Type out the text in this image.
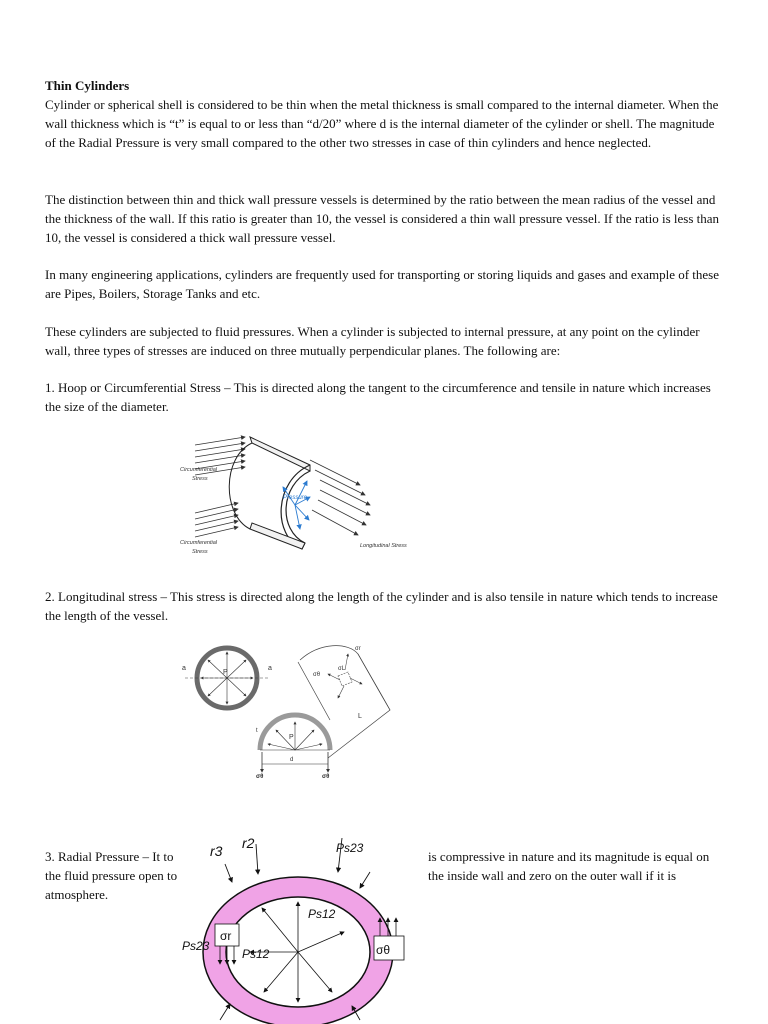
Thin Cylinders

Cylinder or spherical shell is considered to be thin when the metal thickness is small compared to the internal diameter. When the wall thickness which is “t” is equal to or less than “d/20” where d is the internal diameter of the cylinder or shell. The magnitude of the Radial Pressure is very small compared to the other two stresses in case of thin cylinders and hence neglected.

The distinction between thin and thick wall pressure vessels is determined by the ratio between the mean radius of the vessel and the thickness of the wall. If this ratio is greater than 10, the vessel is considered a thin wall pressure vessel. If the ratio is less than 10, the vessel is considered a thick wall pressure vessel.

In many engineering applications, cylinders are frequently used for transporting or storing liquids and gases and example of these are Pipes, Boilers, Storage Tanks and etc.

These cylinders are subjected to fluid pressures. When a cylinder is subjected to internal pressure, at any point on the cylinder wall, three types of stresses are induced on three mutually perpendicular planes. The following are:

1. Hoop or Circumferential Stress – This is directed along the tangent to the circumference and tensile in nature which increases the size of the diameter.

Pressure
Circumferential
Stress
Circumferential
Stress
Longitudinal Stress

2. Longitudinal stress – This stress is directed along the length of the cylinder and is also tensile in nature which tends to increase the length of the vessel.

a	a
P
σr
σL
σθ
L
P
t
d
σθ	σθ

3. Radial Pressure – It to the fluid pressure open to atmosphere.

is compressive in nature and its magnitude is equal on the inside wall and zero on the outer wall if it is

σr
σθ
r3 r2	Ps23
Ps12
Ps23
Ps12
